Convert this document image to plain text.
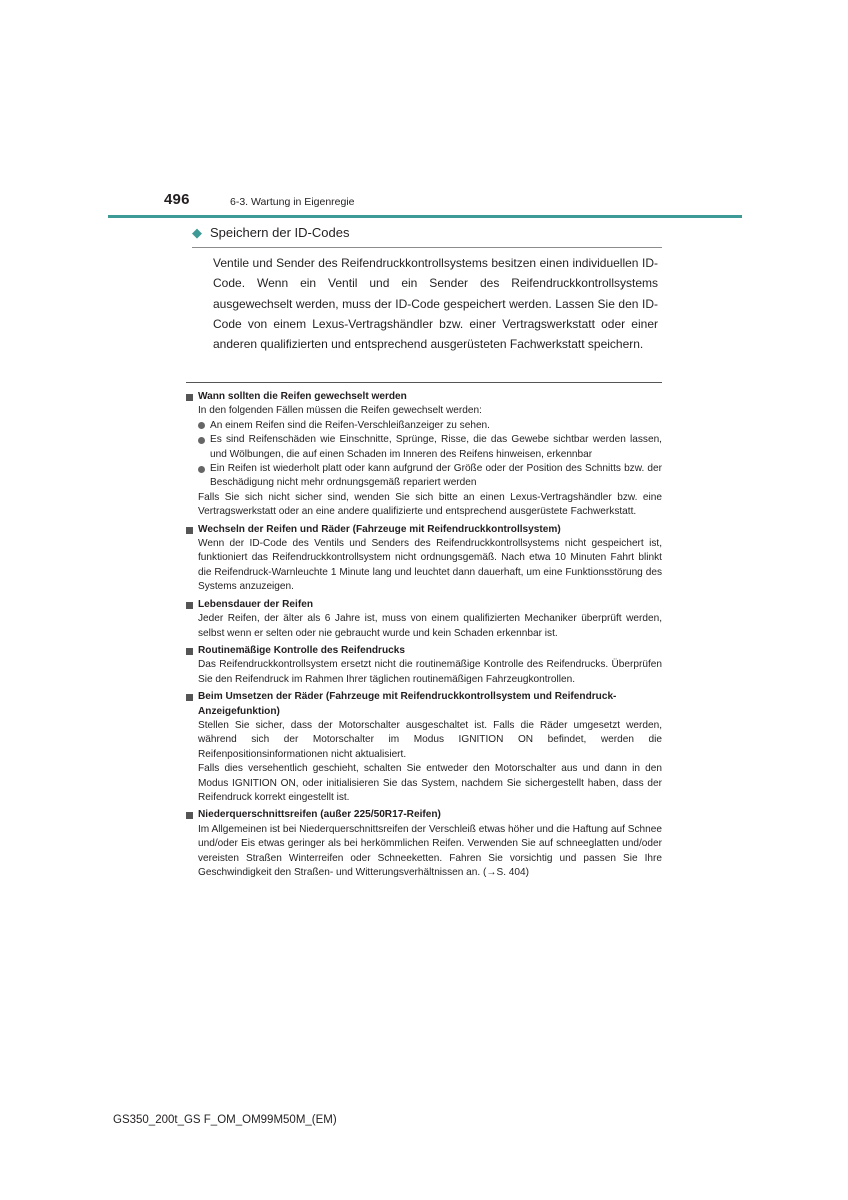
496	6-3. Wartung in Eigenregie
◆ Speichern der ID-Codes

Ventile und Sender des Reifendruckkontrollsystems besitzen einen individuellen ID-Code. Wenn ein Ventil und ein Sender des Reifendruckkontrollsystems ausgewechselt werden, muss der ID-Code gespeichert werden. Lassen Sie den ID-Code von einem Lexus-Vertragshändler bzw. einer Vertragswerkstatt oder einer anderen qualifizierten und entsprechend ausgerüsteten Fachwerkstatt speichern.

Wann sollten die Reifen gewechselt werden

In den folgenden Fällen müssen die Reifen gewechselt werden:

An einem Reifen sind die Reifen-Verschleißanzeiger zu sehen.
Es sind Reifenschäden wie Einschnitte, Sprünge, Risse, die das Gewebe sichtbar werden lassen, und Wölbungen, die auf einen Schaden im Inneren des Reifens hinweisen, erkennbar
Ein Reifen ist wiederholt platt oder kann aufgrund der Größe oder der Position des Schnitts bzw. der Beschädigung nicht mehr ordnungsgemäß repariert werden

Falls Sie sich nicht sicher sind, wenden Sie sich bitte an einen Lexus-Vertragshändler bzw. eine Vertragswerkstatt oder an eine andere qualifizierte und entsprechend ausgerüstete Fachwerkstatt.

Wechseln der Reifen und Räder (Fahrzeuge mit Reifendruckkontrollsystem)

Wenn der ID-Code des Ventils und Senders des Reifendruckkontrollsystems nicht gespeichert ist, funktioniert das Reifendruckkontrollsystem nicht ordnungsgemäß. Nach etwa 10 Minuten Fahrt blinkt die Reifendruck-Warnleuchte 1 Minute lang und leuchtet dann dauerhaft, um eine Funktionsstörung des Systems anzuzeigen.

Lebensdauer der Reifen

Jeder Reifen, der älter als 6 Jahre ist, muss von einem qualifizierten Mechaniker überprüft werden, selbst wenn er selten oder nie gebraucht wurde und kein Schaden erkennbar ist.

Routinemäßige Kontrolle des Reifendrucks

Das Reifendruckkontrollsystem ersetzt nicht die routinemäßige Kontrolle des Reifendrucks. Überprüfen Sie den Reifendruck im Rahmen Ihrer täglichen routinemäßigen Fahrzeugkontrollen.

Beim Umsetzen der Räder (Fahrzeuge mit Reifendruckkontrollsystem und Reifendruck-Anzeigefunktion)

Stellen Sie sicher, dass der Motorschalter ausgeschaltet ist. Falls die Räder umgesetzt werden, während sich der Motorschalter im Modus IGNITION ON befindet, werden die Reifenpositionsinformationen nicht aktualisiert.

Falls dies versehentlich geschieht, schalten Sie entweder den Motorschalter aus und dann in den Modus IGNITION ON, oder initialisieren Sie das System, nachdem Sie sichergestellt haben, dass der Reifendruck korrekt eingestellt ist.

Niederquerschnittsreifen (außer 225/50R17-Reifen)

Im Allgemeinen ist bei Niederquerschnittsreifen der Verschleiß etwas höher und die Haftung auf Schnee und/oder Eis etwas geringer als bei herkömmlichen Reifen. Verwenden Sie auf schneeglatten und/oder vereisten Straßen Winterreifen oder Schneeketten. Fahren Sie vorsichtig und passen Sie Ihre Geschwindigkeit den Straßen- und Witterungsverhältnissen an. (→S. 404)

GS350_200t_GS F_OM_OM99M50M_(EM)
